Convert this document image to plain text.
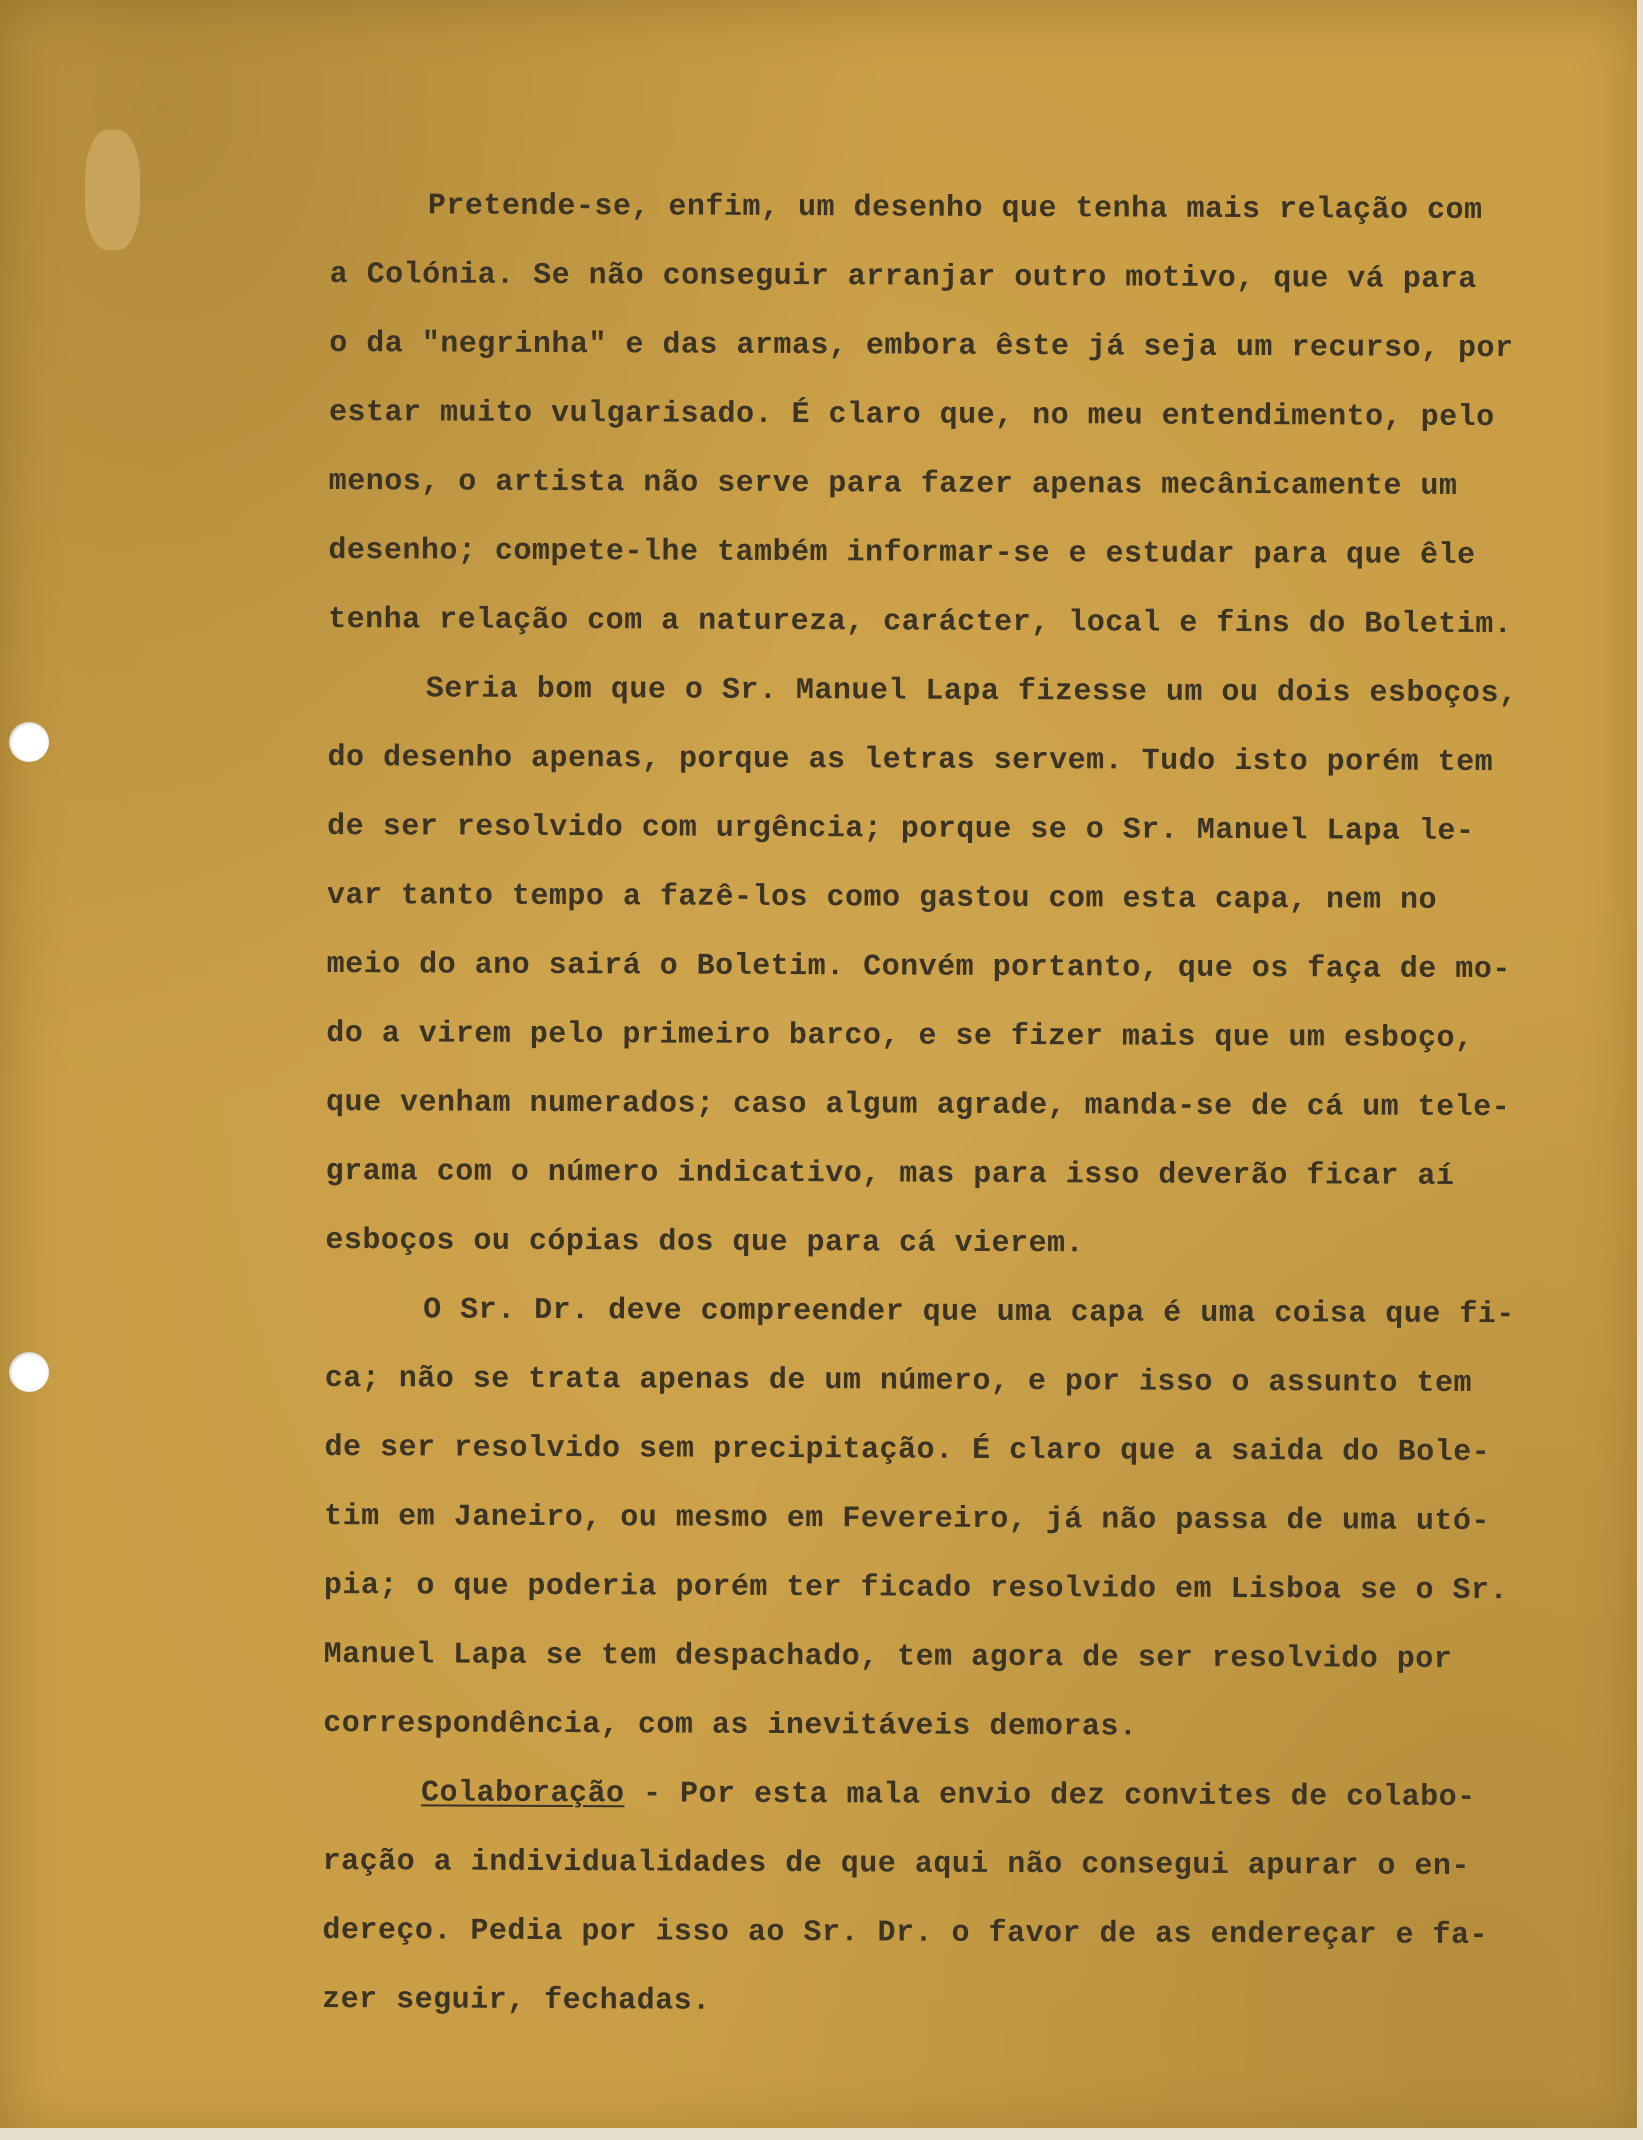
Pretende-se, enfim, um desenho que tenha mais relação com
a Colónia. Se não conseguir arranjar outro motivo, que vá para
o da "negrinha" e das armas, embora êste já seja um recurso, por
estar muito vulgarisado. É claro que, no meu entendimento, pelo
menos, o artista não serve para fazer apenas mecânicamente um
desenho; compete-lhe também informar-se e estudar para que êle
tenha relação com a natureza, carácter, local e fins do Boletim.
Seria bom que o Sr. Manuel Lapa fizesse um ou dois esboços,
do desenho apenas, porque as letras servem. Tudo isto porém tem
de ser resolvido com urgência; porque se o Sr. Manuel Lapa le-
var tanto tempo a fazê-los como gastou com esta capa, nem no
meio do ano sairá o Boletim. Convém portanto, que os faça de mo-
do a virem pelo primeiro barco, e se fizer mais que um esboço,
que venham numerados; caso algum agrade, manda-se de cá um tele-
grama com o número indicativo, mas para isso deverão ficar aí
esboços ou cópias dos que para cá vierem.
O Sr. Dr. deve compreender que uma capa é uma coisa que fi-
ca; não se trata apenas de um número, e por isso o assunto tem
de ser resolvido sem precipitação. É claro que a saida do Bole-
tim em Janeiro, ou mesmo em Fevereiro, já não passa de uma utó-
pia; o que poderia porém ter ficado resolvido em Lisboa se o Sr.
Manuel Lapa se tem despachado, tem agora de ser resolvido por
correspondência, com as inevitáveis demoras.
Colaboração - Por esta mala envio dez convites de colabo-
ração a individualidades de que aqui não consegui apurar o en-
dereço. Pedia por isso ao Sr. Dr. o favor de as endereçar e fa-
zer seguir, fechadas.
